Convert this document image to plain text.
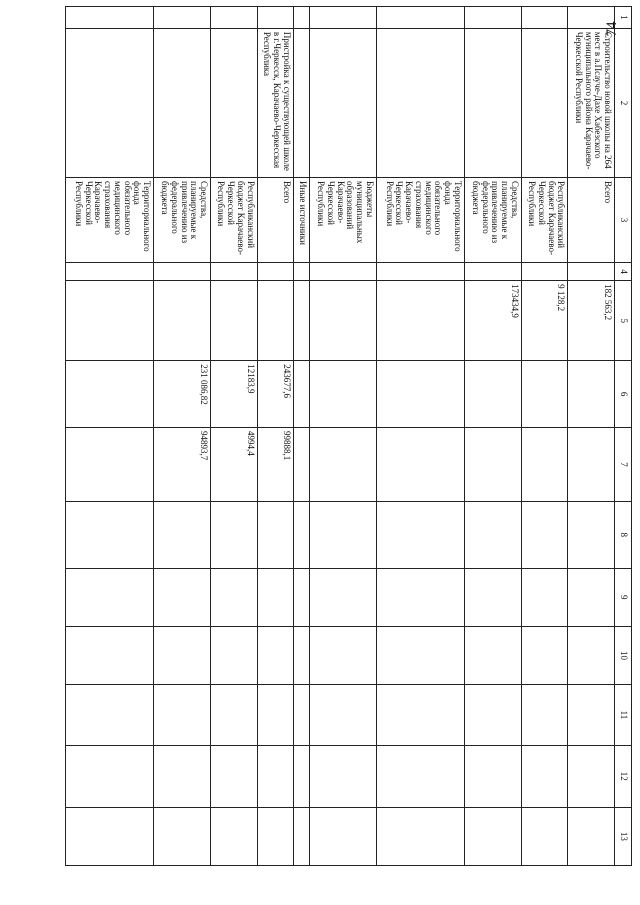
74
1	2	3	4	5	6	7	8	9	10	11	12	13
	Строительство новой школы на 264 мест в а.Псауче-Дахе Хабезского муниципального района Карачаево-Черкесской Республики	Всего		182 563,2								
		Республиканский бюджет Карачаево-Черкесской Республики		9 128,2								
		Средства, планируемые к привлечению из федерального бюджета		173434,9								
		Территориального фонда обязательного медицинского страхования Карачаево-Черкесской Республики										
		Бюджеты муниципальных образований Карачаево-Черкесской Республики										
		Иные источники										
	Пристройка к существующей школе в г.Черкесск, Карачаево-Черкесская Республика	Всего			243677,6	99888,1						
		Республиканский бюджет Карачаево-Черкесской Республики			12183,9	4994,4						
		Средства, планируемые к привлечению из федерального бюджета			231 086,82	94893,7						
		Территориального фонда обязательного медицинского страхования Карачаево-Черкесской Республики										
